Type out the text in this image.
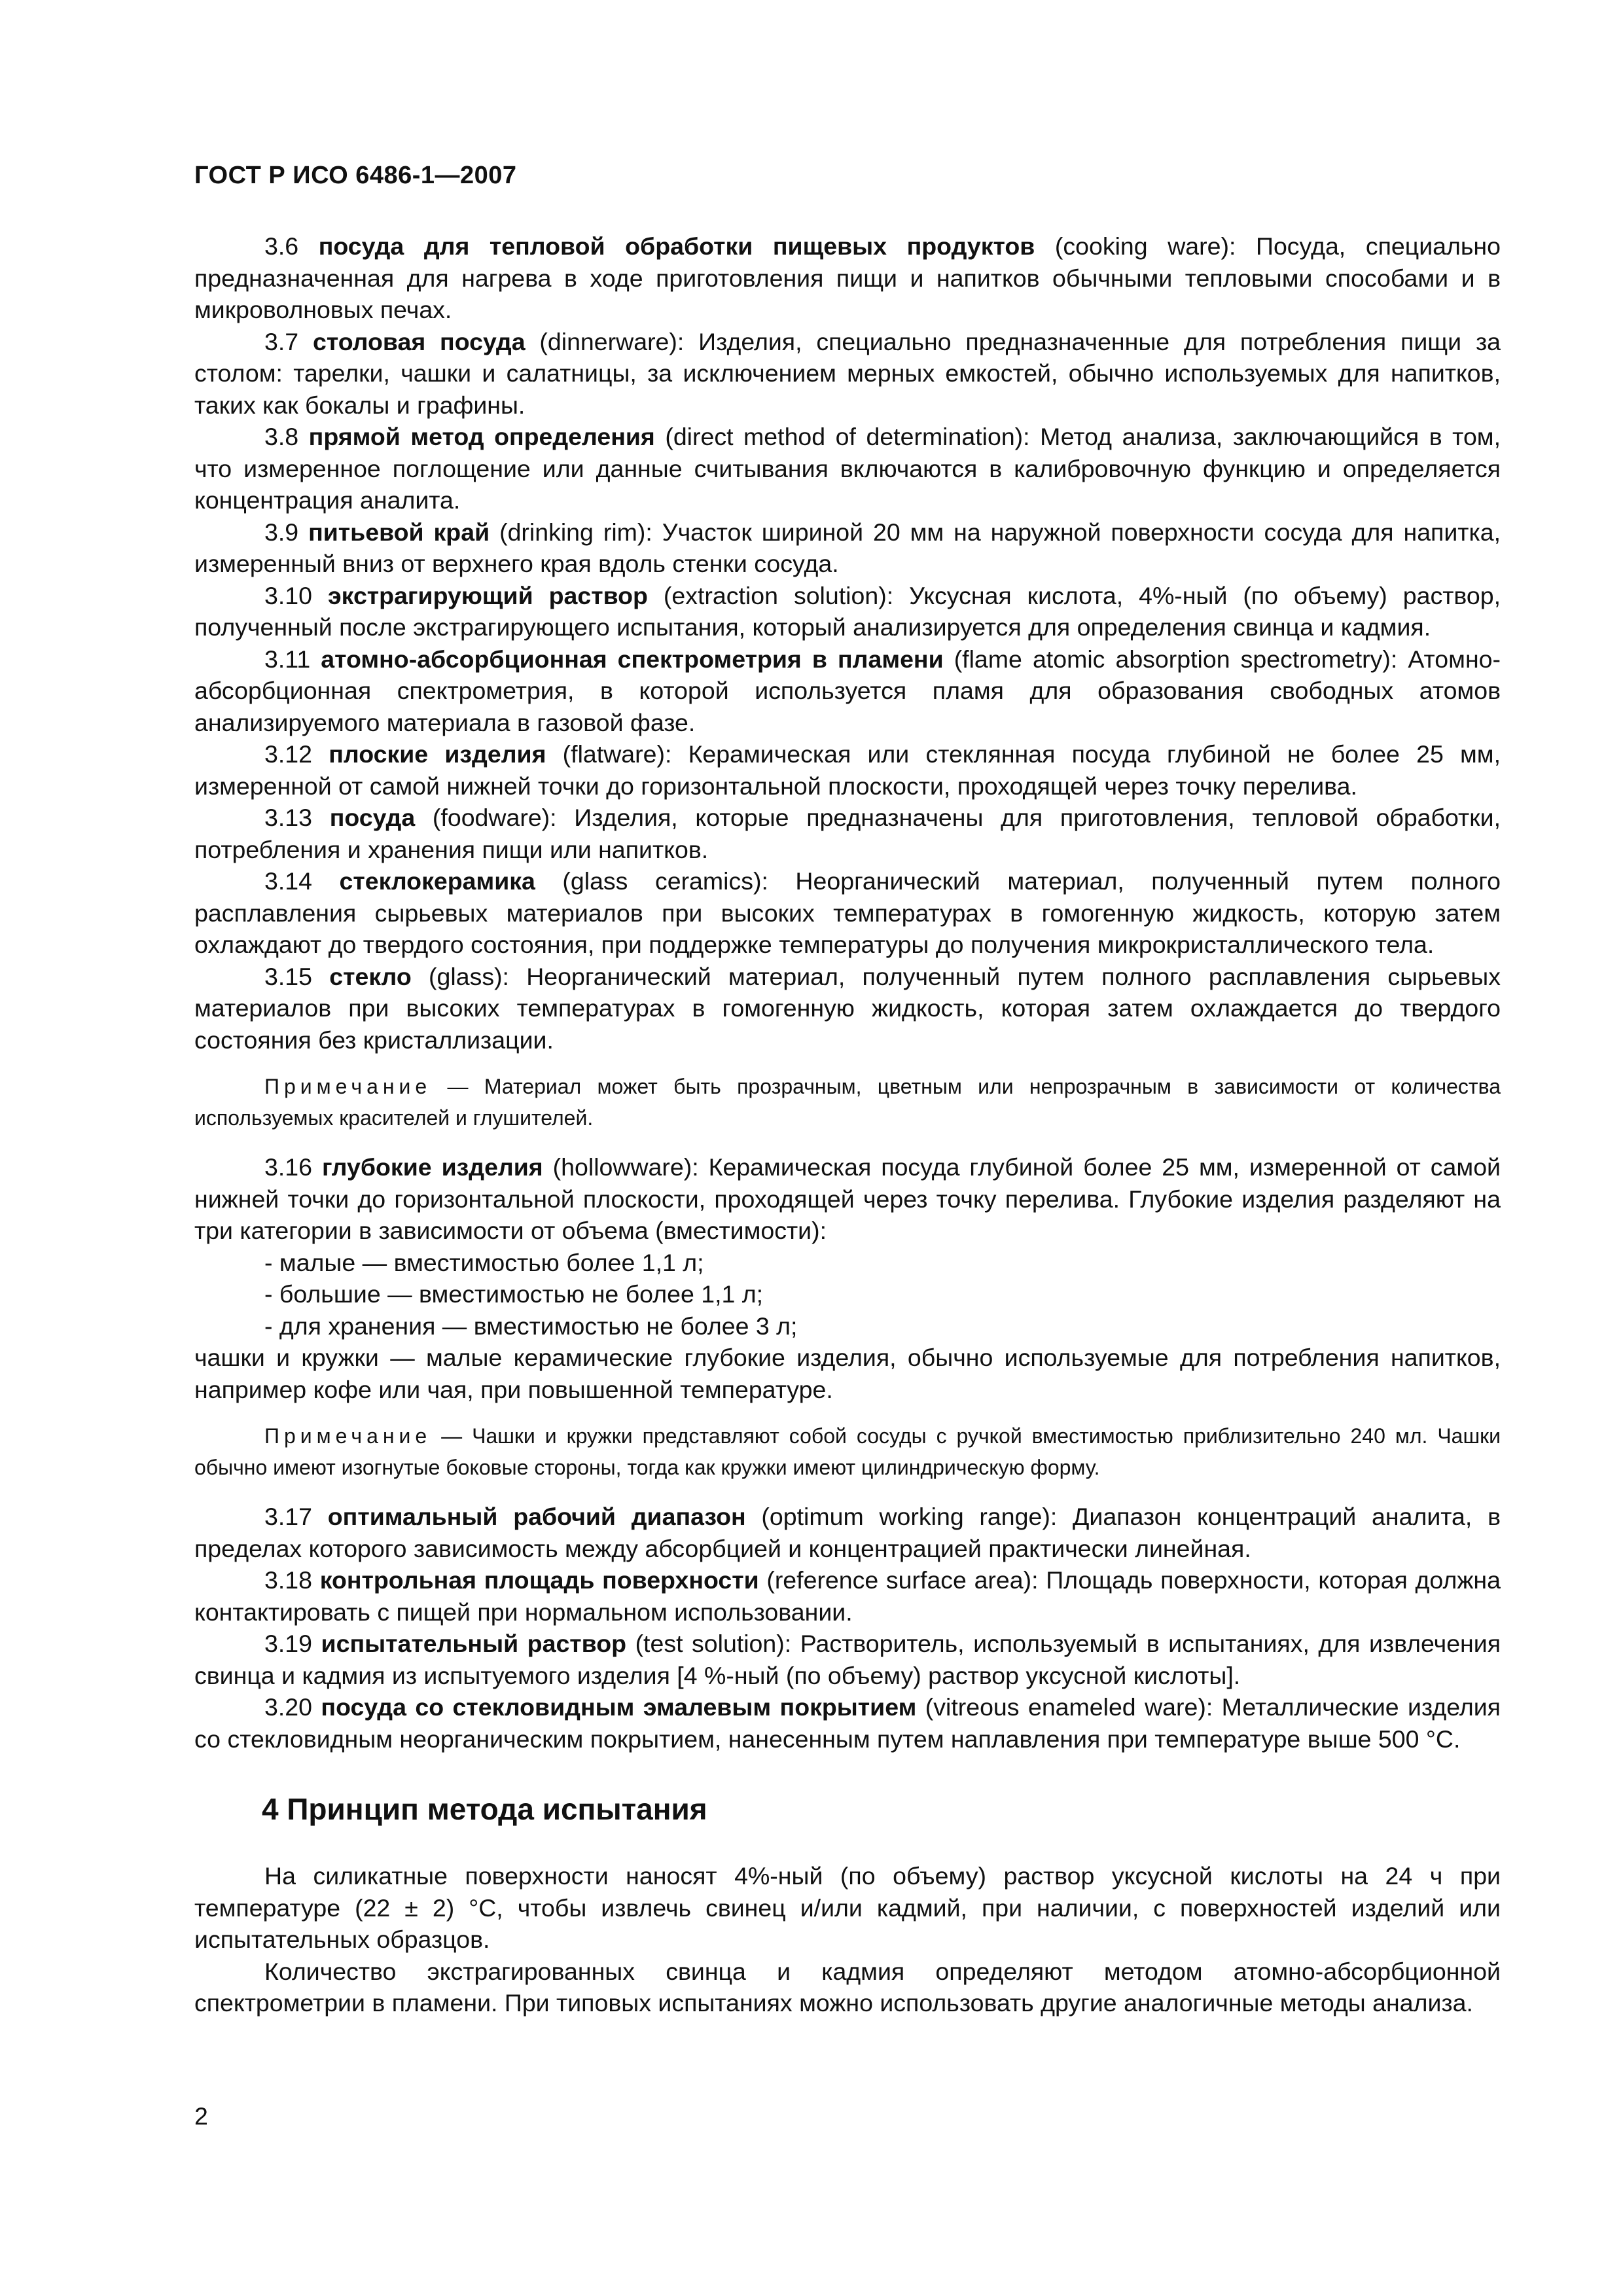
ГОСТ Р ИСО 6486-1—2007

3.6 посуда для тепловой обработки пищевых продуктов (cooking ware): Посуда, специально предназначенная для нагрева в ходе приготовления пищи и напитков обычными тепловыми способами и в микроволновых печах.

3.7 столовая посуда (dinnerware): Изделия, специально предназначенные для потребления пищи за столом: тарелки, чашки и салатницы, за исключением мерных емкостей, обычно используемых для напитков, таких как бокалы и графины.

3.8 прямой метод определения (direct method of determination): Метод анализа, заключающийся в том, что измеренное поглощение или данные считывания включаются в калибровочную функцию и определяется концентрация аналита.

3.9 питьевой край (drinking rim): Участок шириной 20 мм на наружной поверхности сосуда для напитка, измеренный вниз от верхнего края вдоль стенки сосуда.

3.10 экстрагирующий раствор (extraction solution): Уксусная кислота, 4%-ный (по объему) раствор, полученный после экстрагирующего испытания, который анализируется для определения свинца и кадмия.

3.11 атомно-абсорбционная спектрометрия в пламени (flame atomic absorption spectrometry): Атомно-абсорбционная спектрометрия, в которой используется пламя для образования свободных атомов анализируемого материала в газовой фазе.

3.12 плоские изделия (flatware): Керамическая или стеклянная посуда глубиной не более 25 мм, измеренной от самой нижней точки до горизонтальной плоскости, проходящей через точку перелива.

3.13 посуда (foodware): Изделия, которые предназначены для приготовления, тепловой обработки, потребления и хранения пищи или напитков.

3.14 стеклокерамика (glass ceramics): Неорганический материал, полученный путем полного расплавления сырьевых материалов при высоких температурах в гомогенную жидкость, которую затем охлаждают до твердого состояния, при поддержке температуры до получения микрокристаллического тела.

3.15 стекло (glass): Неорганический материал, полученный путем полного расплавления сырьевых материалов при высоких температурах в гомогенную жидкость, которая затем охлаждается до твердого состояния без кристаллизации.

Примечание — Материал может быть прозрачным, цветным или непрозрачным в зависимости от количества используемых красителей и глушителей.

3.16 глубокие изделия (hollowware): Керамическая посуда глубиной более 25 мм, измеренной от самой нижней точки до горизонтальной плоскости, проходящей через точку перелива. Глубокие изделия разделяют на три категории в зависимости от объема (вместимости):

- малые — вместимостью более 1,1 л;

- большие — вместимостью не более 1,1 л;

- для хранения — вместимостью не более 3 л;

чашки и кружки — малые керамические глубокие изделия, обычно используемые для потребления напитков, например кофе или чая, при повышенной температуре.

Примечание — Чашки и кружки представляют собой сосуды с ручкой вместимостью приблизительно 240 мл. Чашки обычно имеют изогнутые боковые стороны, тогда как кружки имеют цилиндрическую форму.

3.17 оптимальный рабочий диапазон (optimum working range): Диапазон концентраций аналита, в пределах которого зависимость между абсорбцией и концентрацией практически линейная.

3.18 контрольная площадь поверхности (reference surface area): Площадь поверхности, которая должна контактировать с пищей при нормальном использовании.

3.19 испытательный раствор (test solution): Растворитель, используемый в испытаниях, для извлечения свинца и кадмия из испытуемого изделия [4 %-ный (по объему) раствор уксусной кислоты].

3.20 посуда со стекловидным эмалевым покрытием (vitreous enameled ware): Металлические изделия со стекловидным неорганическим покрытием, нанесенным путем наплавления при температуре выше 500 °С.

4 Принцип метода испытания

На силикатные поверхности наносят 4%-ный (по объему) раствор уксусной кислоты на 24 ч при температуре (22 ± 2) °С, чтобы извлечь свинец и/или кадмий, при наличии, с поверхностей изделий или испытательных образцов.

Количество экстрагированных свинца и кадмия определяют методом атомно-абсорбционной спектрометрии в пламени. При типовых испытаниях можно использовать другие аналогичные методы анализа.

2
